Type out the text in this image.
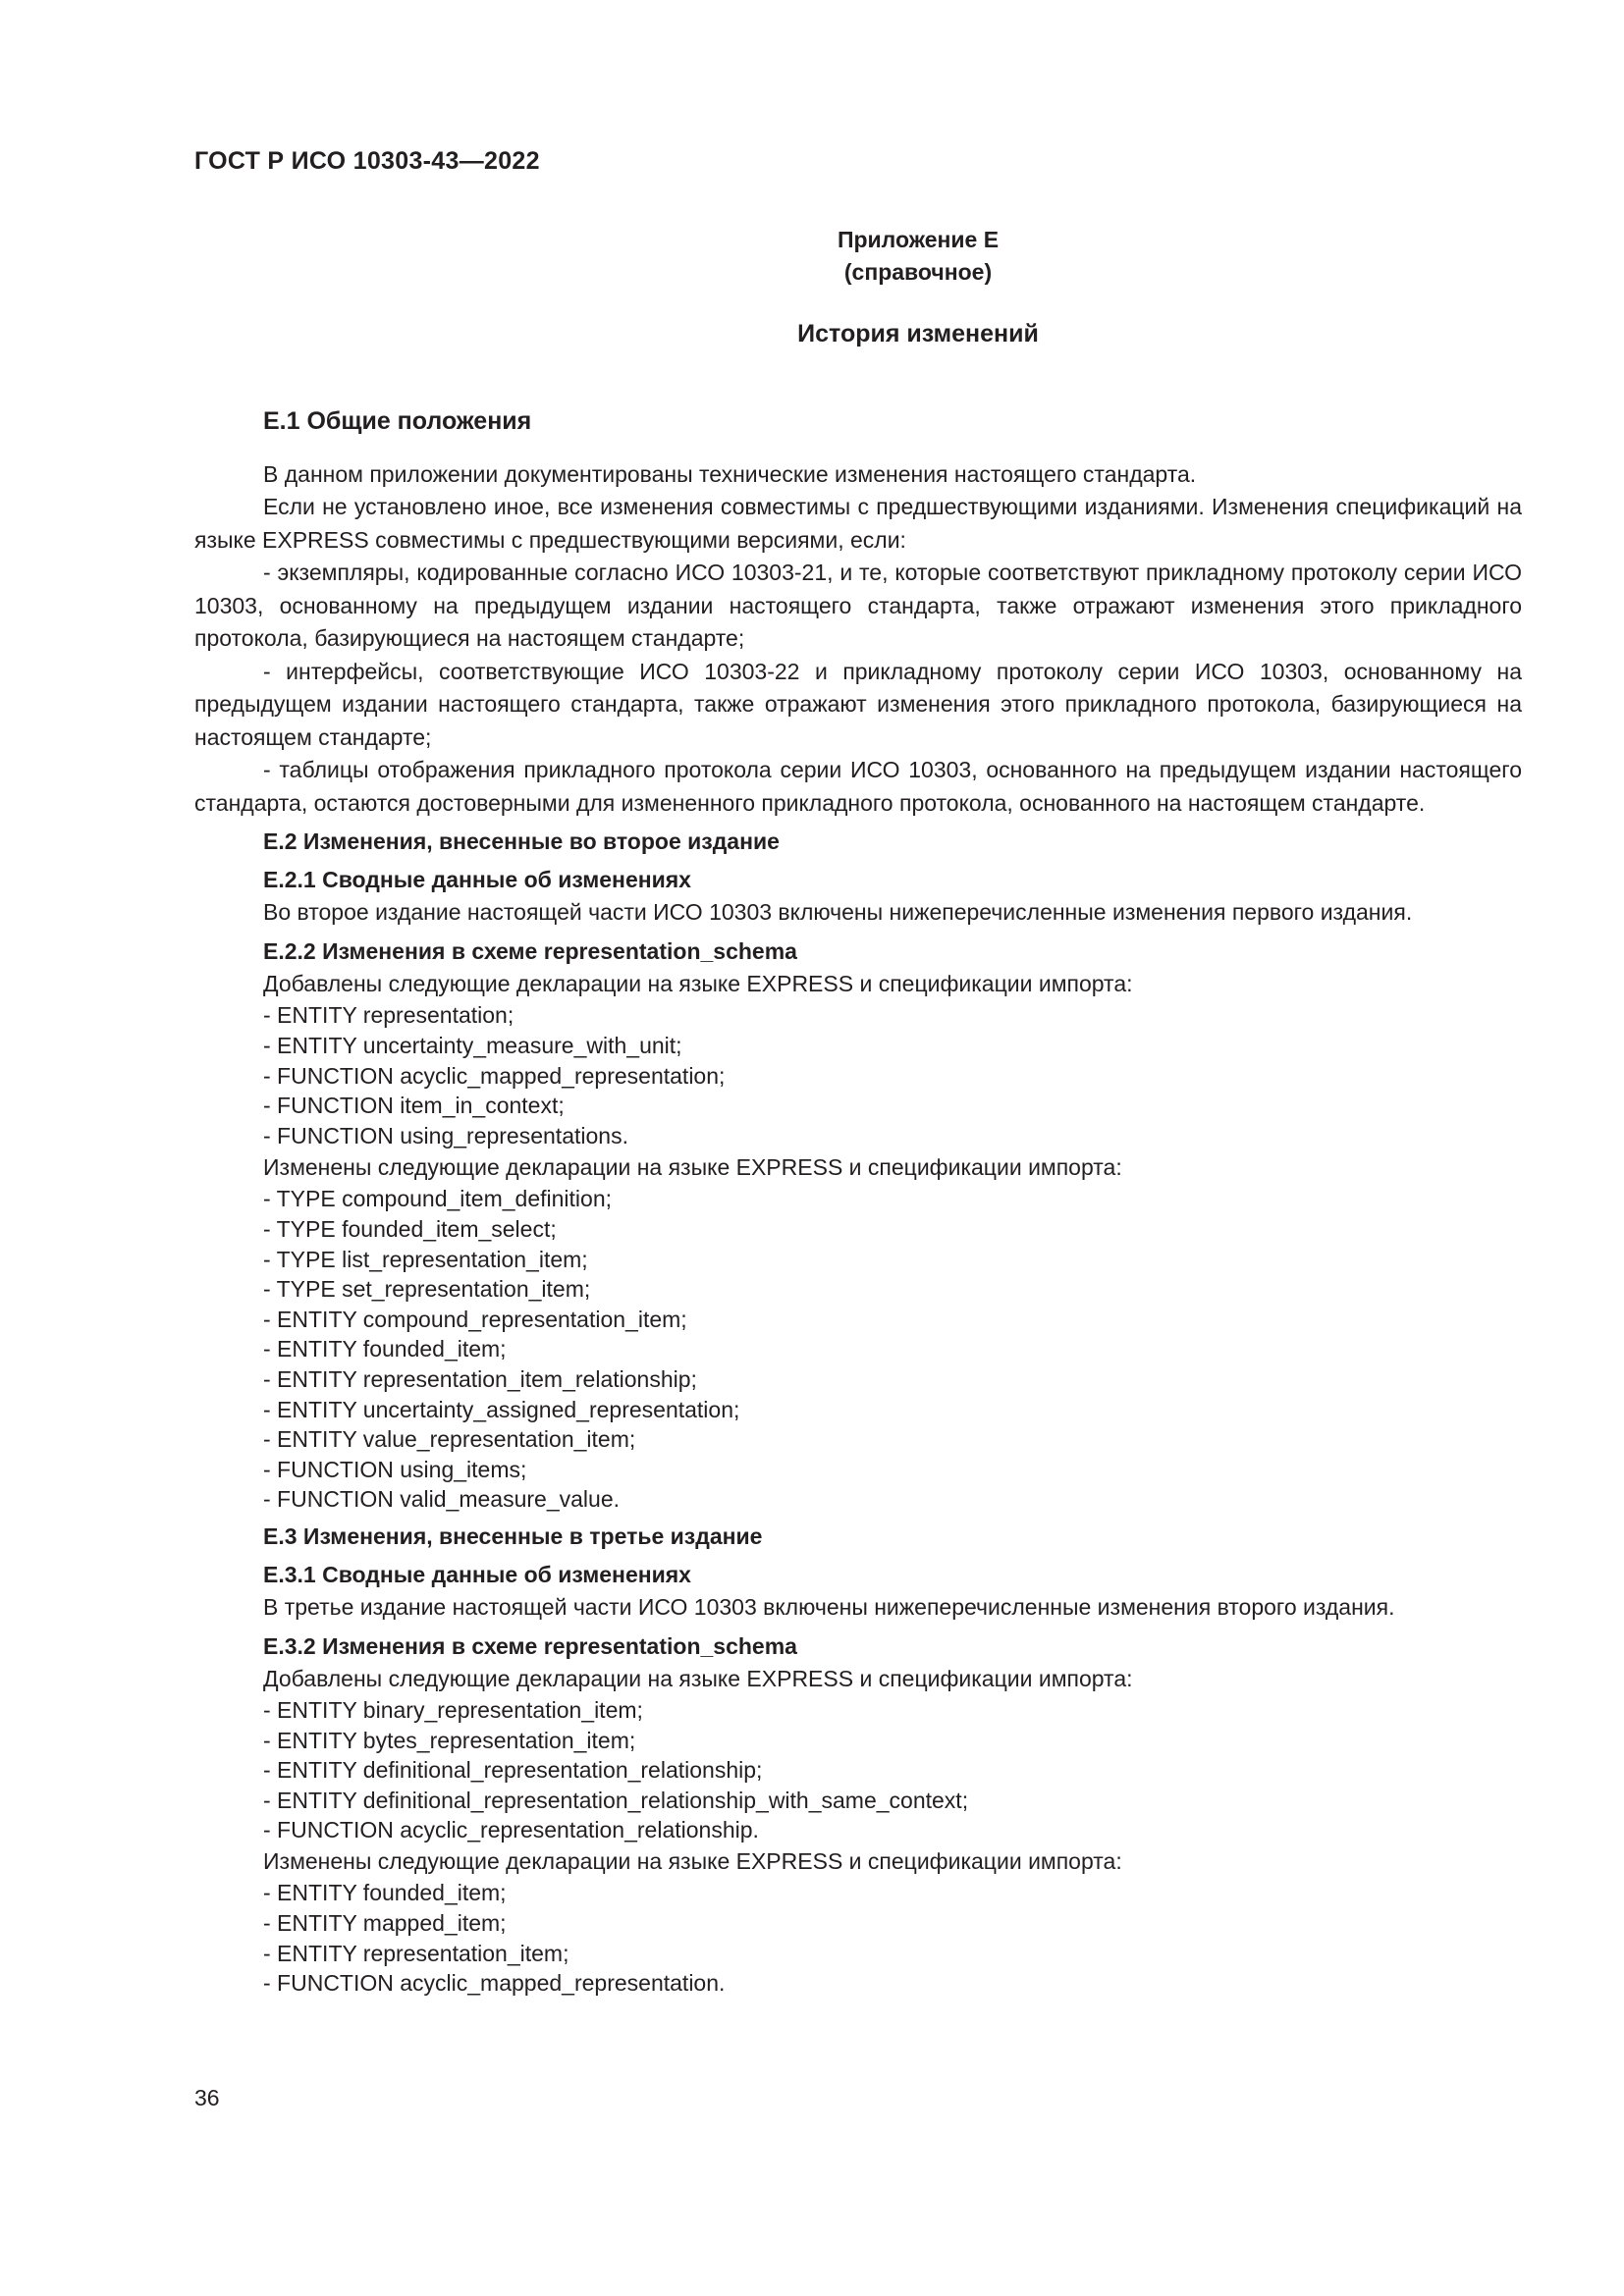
ГОСТ Р ИСО 10303-43—2022
Приложение Е
(справочное)
История изменений
Е.1 Общие положения

В данном приложении документированы технические изменения настоящего стандарта.

Если не установлено иное, все изменения совместимы с предшествующими изданиями. Изменения спецификаций на языке EXPRESS совместимы с предшествующими версиями, если:

- экземпляры, кодированные согласно ИСО 10303-21, и те, которые соответствуют прикладному протоколу серии ИСО 10303, основанному на предыдущем издании настоящего стандарта, также отражают изменения этого прикладного протокола, базирующиеся на настоящем стандарте;

- интерфейсы, соответствующие ИСО 10303-22 и прикладному протоколу серии ИСО 10303, основанному на предыдущем издании настоящего стандарта, также отражают изменения этого прикладного протокола, базирующиеся на настоящем стандарте;

- таблицы отображения прикладного протокола серии ИСО 10303, основанного на предыдущем издании настоящего стандарта, остаются достоверными для измененного прикладного протокола, основанного на настоящем стандарте.

Е.2 Изменения, внесенные во второе издание
Е.2.1 Сводные данные об изменениях
Во второе издание настоящей части ИСО 10303 включены нижеперечисленные изменения первого издания.
Е.2.2 Изменения в схеме representation_schema
Добавлены следующие декларации на языке EXPRESS и спецификации импорта:
- ENTITY representation;
- ENTITY uncertainty_measure_with_unit;
- FUNCTION acyclic_mapped_representation;
- FUNCTION item_in_context;
- FUNCTION using_representations.
Изменены следующие декларации на языке EXPRESS и спецификации импорта:
- TYPE compound_item_definition;
- TYPE founded_item_select;
- TYPE list_representation_item;
- TYPE set_representation_item;
- ENTITY compound_representation_item;
- ENTITY founded_item;
- ENTITY representation_item_relationship;
- ENTITY uncertainty_assigned_representation;
- ENTITY value_representation_item;
- FUNCTION using_items;
- FUNCTION valid_measure_value.
Е.3 Изменения, внесенные в третье издание
Е.3.1 Сводные данные об изменениях
В третье издание настоящей части ИСО 10303 включены нижеперечисленные изменения второго издания.
Е.3.2 Изменения в схеме representation_schema
Добавлены следующие декларации на языке EXPRESS и спецификации импорта:
- ENTITY binary_representation_item;
- ENTITY bytes_representation_item;
- ENTITY definitional_representation_relationship;
- ENTITY definitional_representation_relationship_with_same_context;
- FUNCTION acyclic_representation_relationship.
Изменены следующие декларации на языке EXPRESS и спецификации импорта:
- ENTITY founded_item;
- ENTITY mapped_item;
- ENTITY representation_item;
- FUNCTION acyclic_mapped_representation.
36
